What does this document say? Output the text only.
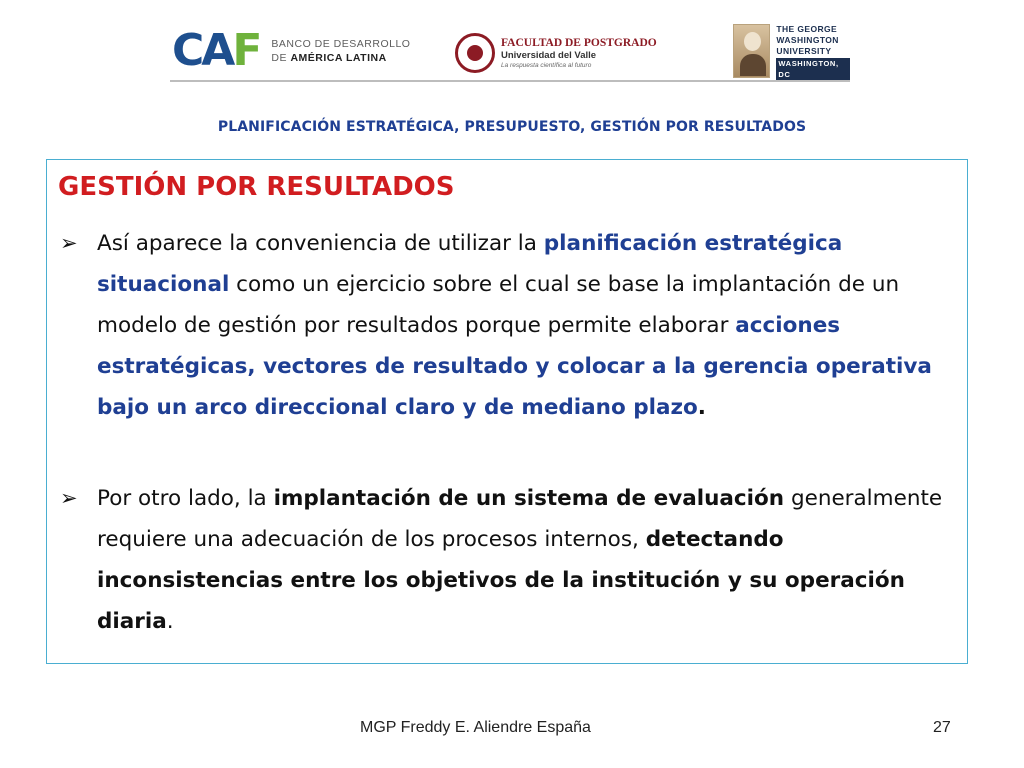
CAF BANCO DE DESARROLLO
DE AMÉRICA LATINA
FACULTAD DE POSTGRADO
Universidad del Valle
La respuesta científica al futuro
THE GEORGE
WASHINGTON
UNIVERSITY
WASHINGTON, DC
PLANIFICACIÓN ESTRATÉGICA, PRESUPUESTO, GESTIÓN POR RESULTADOS
GESTIÓN POR RESULTADOS
➢ Así aparece la conveniencia de utilizar la planificación estratégica situacional como un ejercicio sobre el cual se base la implantación de un modelo de gestión por resultados porque permite elaborar acciones estratégicas, vectores de resultado y colocar a la gerencia operativa bajo un arco direccional claro y de mediano plazo.
➢ Por otro lado, la implantación de un sistema de evaluación generalmente requiere una adecuación de los procesos internos, detectando inconsistencias entre los objetivos de la institución y su operación diaria.
MGP Freddy E. Aliendre España	27
